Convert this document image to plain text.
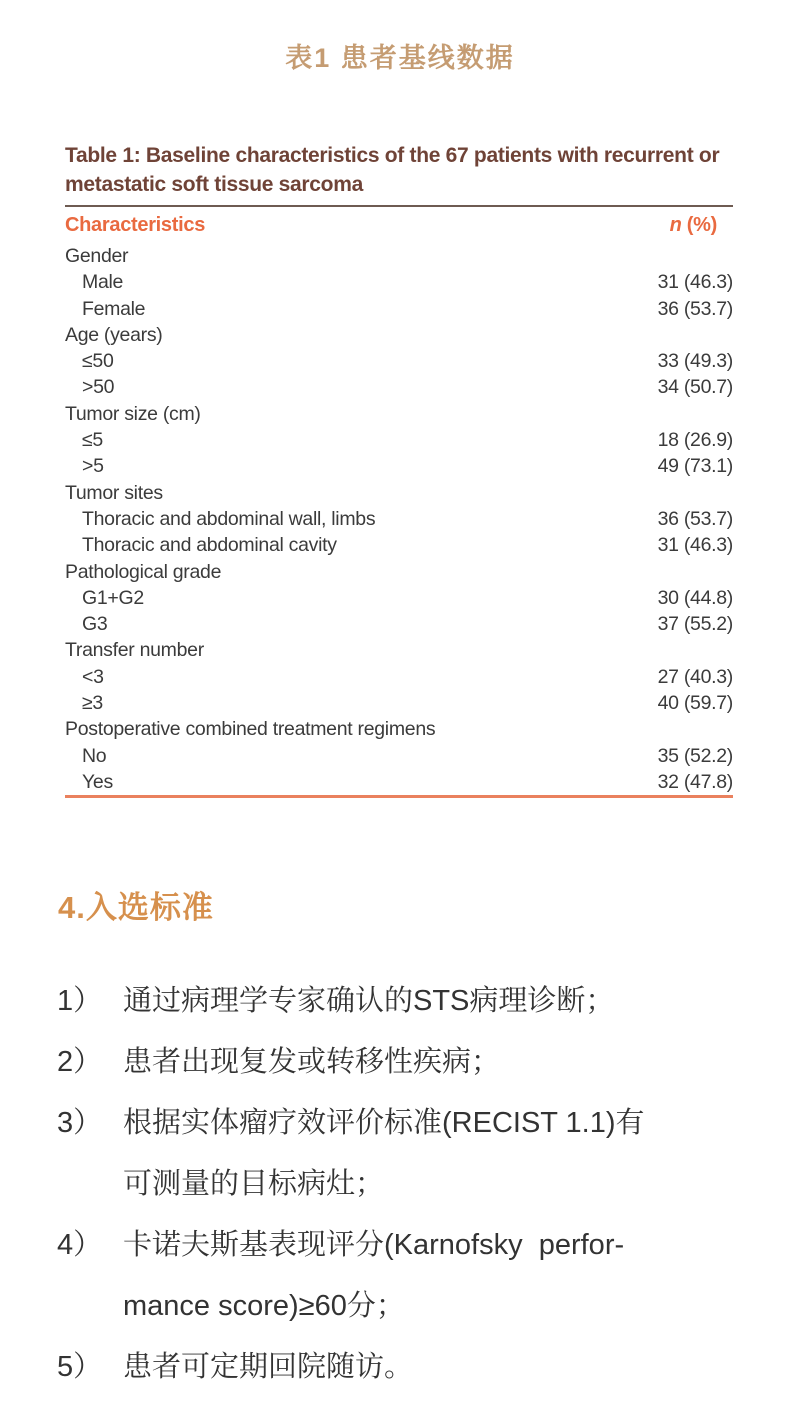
表1 患者基线数据
Table 1: Baseline characteristics of the 67 patients with recurrent or metastatic soft tissue sarcoma
Characteristics	n (%)
Gender
Male	31 (46.3)
Female	36 (53.7)
Age (years)
≤50	33 (49.3)
>50	34 (50.7)
Tumor size (cm)
≤5	18 (26.9)
>5	49 (73.1)
Tumor sites
Thoracic and abdominal wall, limbs	36 (53.7)
Thoracic and abdominal cavity	31 (46.3)
Pathological grade
G1+G2	30 (44.8)
G3	37 (55.2)
Transfer number
<3	27 (40.3)
≥3	40 (59.7)
Postoperative combined treatment regimens
No	35 (52.2)
Yes	32 (47.8)
4.入选标准
1） 通过病理学专家确认的STS病理诊断；
2） 患者出现复发或转移性疾病；
3） 根据实体瘤疗效评价标准(RECIST 1.1)有
可测量的目标病灶；
4） 卡诺夫斯基表现评分(Karnofsky  perfor-
mance score)≥60分；
5） 患者可定期回院随访。
